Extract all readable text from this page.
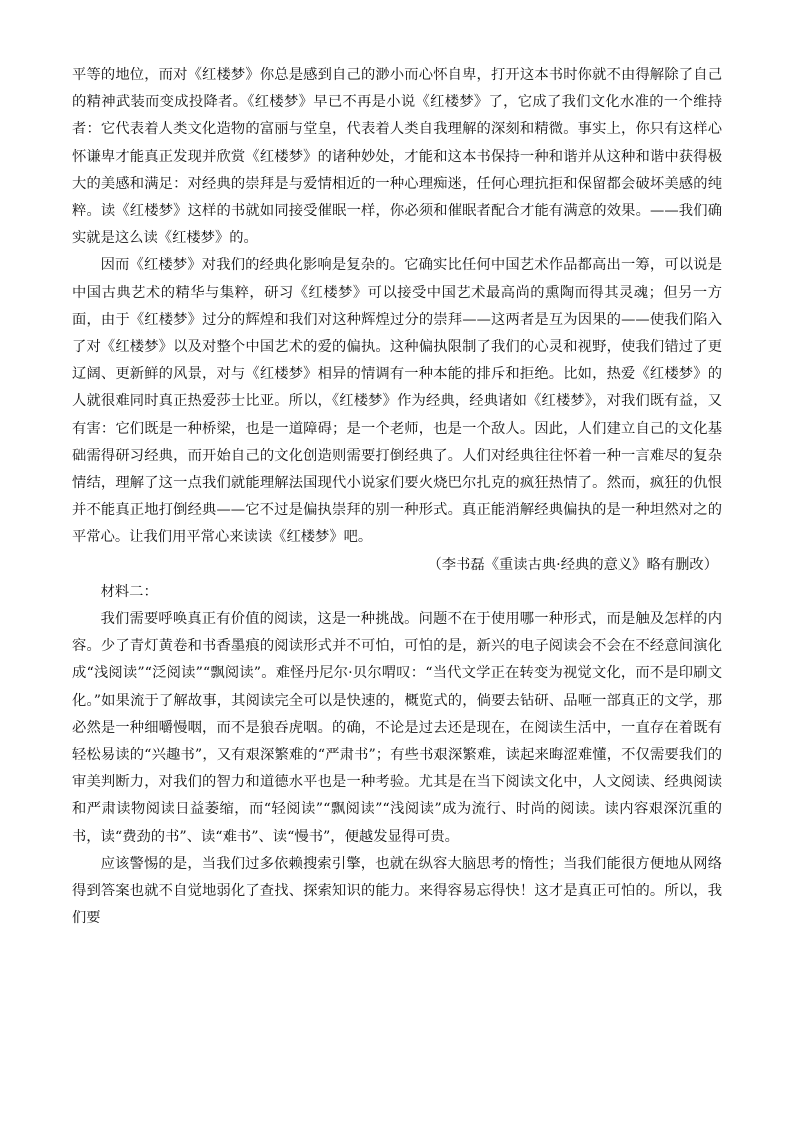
平等的地位，而对《红楼梦》你总是感到自己的渺小而心怀自卑，打开这本书时你就不由得解除了自己的精神武装而变成投降者。《红楼梦》早已不再是小说《红楼梦》了，它成了我们文化水准的一个维持者：它代表着人类文化造物的富丽与堂皇，代表着人类自我理解的深刻和精微。事实上，你只有这样心怀谦卑才能真正发现并欣赏《红楼梦》的诸种妙处，才能和这本书保持一种和谐并从这种和谐中获得极大的美感和满足：对经典的崇拜是与爱情相近的一种心理痴迷，任何心理抗拒和保留都会破坏美感的纯粹。读《红楼梦》这样的书就如同接受催眠一样，你必须和催眠者配合才能有满意的效果。——我们确实就是这么读《红楼梦》的。

因而《红楼梦》对我们的经典化影响是复杂的。它确实比任何中国艺术作品都高出一筹，可以说是中国古典艺术的精华与集粹，研习《红楼梦》可以接受中国艺术最高尚的熏陶而得其灵魂；但另一方面，由于《红楼梦》过分的辉煌和我们对这种辉煌过分的崇拜——这两者是互为因果的——使我们陷入了对《红楼梦》以及对整个中国艺术的爱的偏执。这种偏执限制了我们的心灵和视野，使我们错过了更辽阔、更新鲜的风景，对与《红楼梦》相异的情调有一种本能的排斥和拒绝。比如，热爱《红楼梦》的人就很难同时真正热爱莎士比亚。所以，《红楼梦》作为经典，经典诸如《红楼梦》，对我们既有益，又有害：它们既是一种桥梁，也是一道障碍；是一个老师，也是一个敌人。因此，人们建立自己的文化基础需得研习经典，而开始自己的文化创造则需要打倒经典了。人们对经典往往怀着一种一言难尽的复杂情结，理解了这一点我们就能理解法国现代小说家们要火烧巴尔扎克的疯狂热情了。然而，疯狂的仇恨并不能真正地打倒经典——它不过是偏执崇拜的别一种形式。真正能消解经典偏执的是一种坦然对之的平常心。让我们用平常心来读读《红楼梦》吧。

（李书磊《重读古典·经典的意义》略有删改）

材料二：

我们需要呼唤真正有价值的阅读，这是一种挑战。问题不在于使用哪一种形式，而是触及怎样的内容。少了青灯黄卷和书香墨痕的阅读形式并不可怕，可怕的是，新兴的电子阅读会不会在不经意间演化成“浅阅读”“泛阅读”“飘阅读”。难怪丹尼尔·贝尔喟叹：“当代文学正在转变为视觉文化，而不是印刷文化。”如果流于了解故事，其阅读完全可以是快速的，概览式的，倘要去钻研、品咂一部真正的文学，那必然是一种细嚼慢咽，而不是狼吞虎咽。的确，不论是过去还是现在，在阅读生活中，一直存在着既有轻松易读的“兴趣书”，又有艰深繁难的“严肃书”；有些书艰深繁难，读起来晦涩难懂，不仅需要我们的审美判断力，对我们的智力和道德水平也是一种考验。尤其是在当下阅读文化中，人文阅读、经典阅读和严肃读物阅读日益萎缩，而“轻阅读”“飘阅读”“浅阅读”成为流行、时尚的阅读。读内容艰深沉重的书，读“费劲的书”、读“难书”、读“慢书”，便越发显得可贵。

应该警惕的是，当我们过多依赖搜索引擎，也就在纵容大脑思考的惰性；当我们能很方便地从网络得到答案也就不自觉地弱化了查找、探索知识的能力。来得容易忘得快！这才是真正可怕的。所以，我们要
